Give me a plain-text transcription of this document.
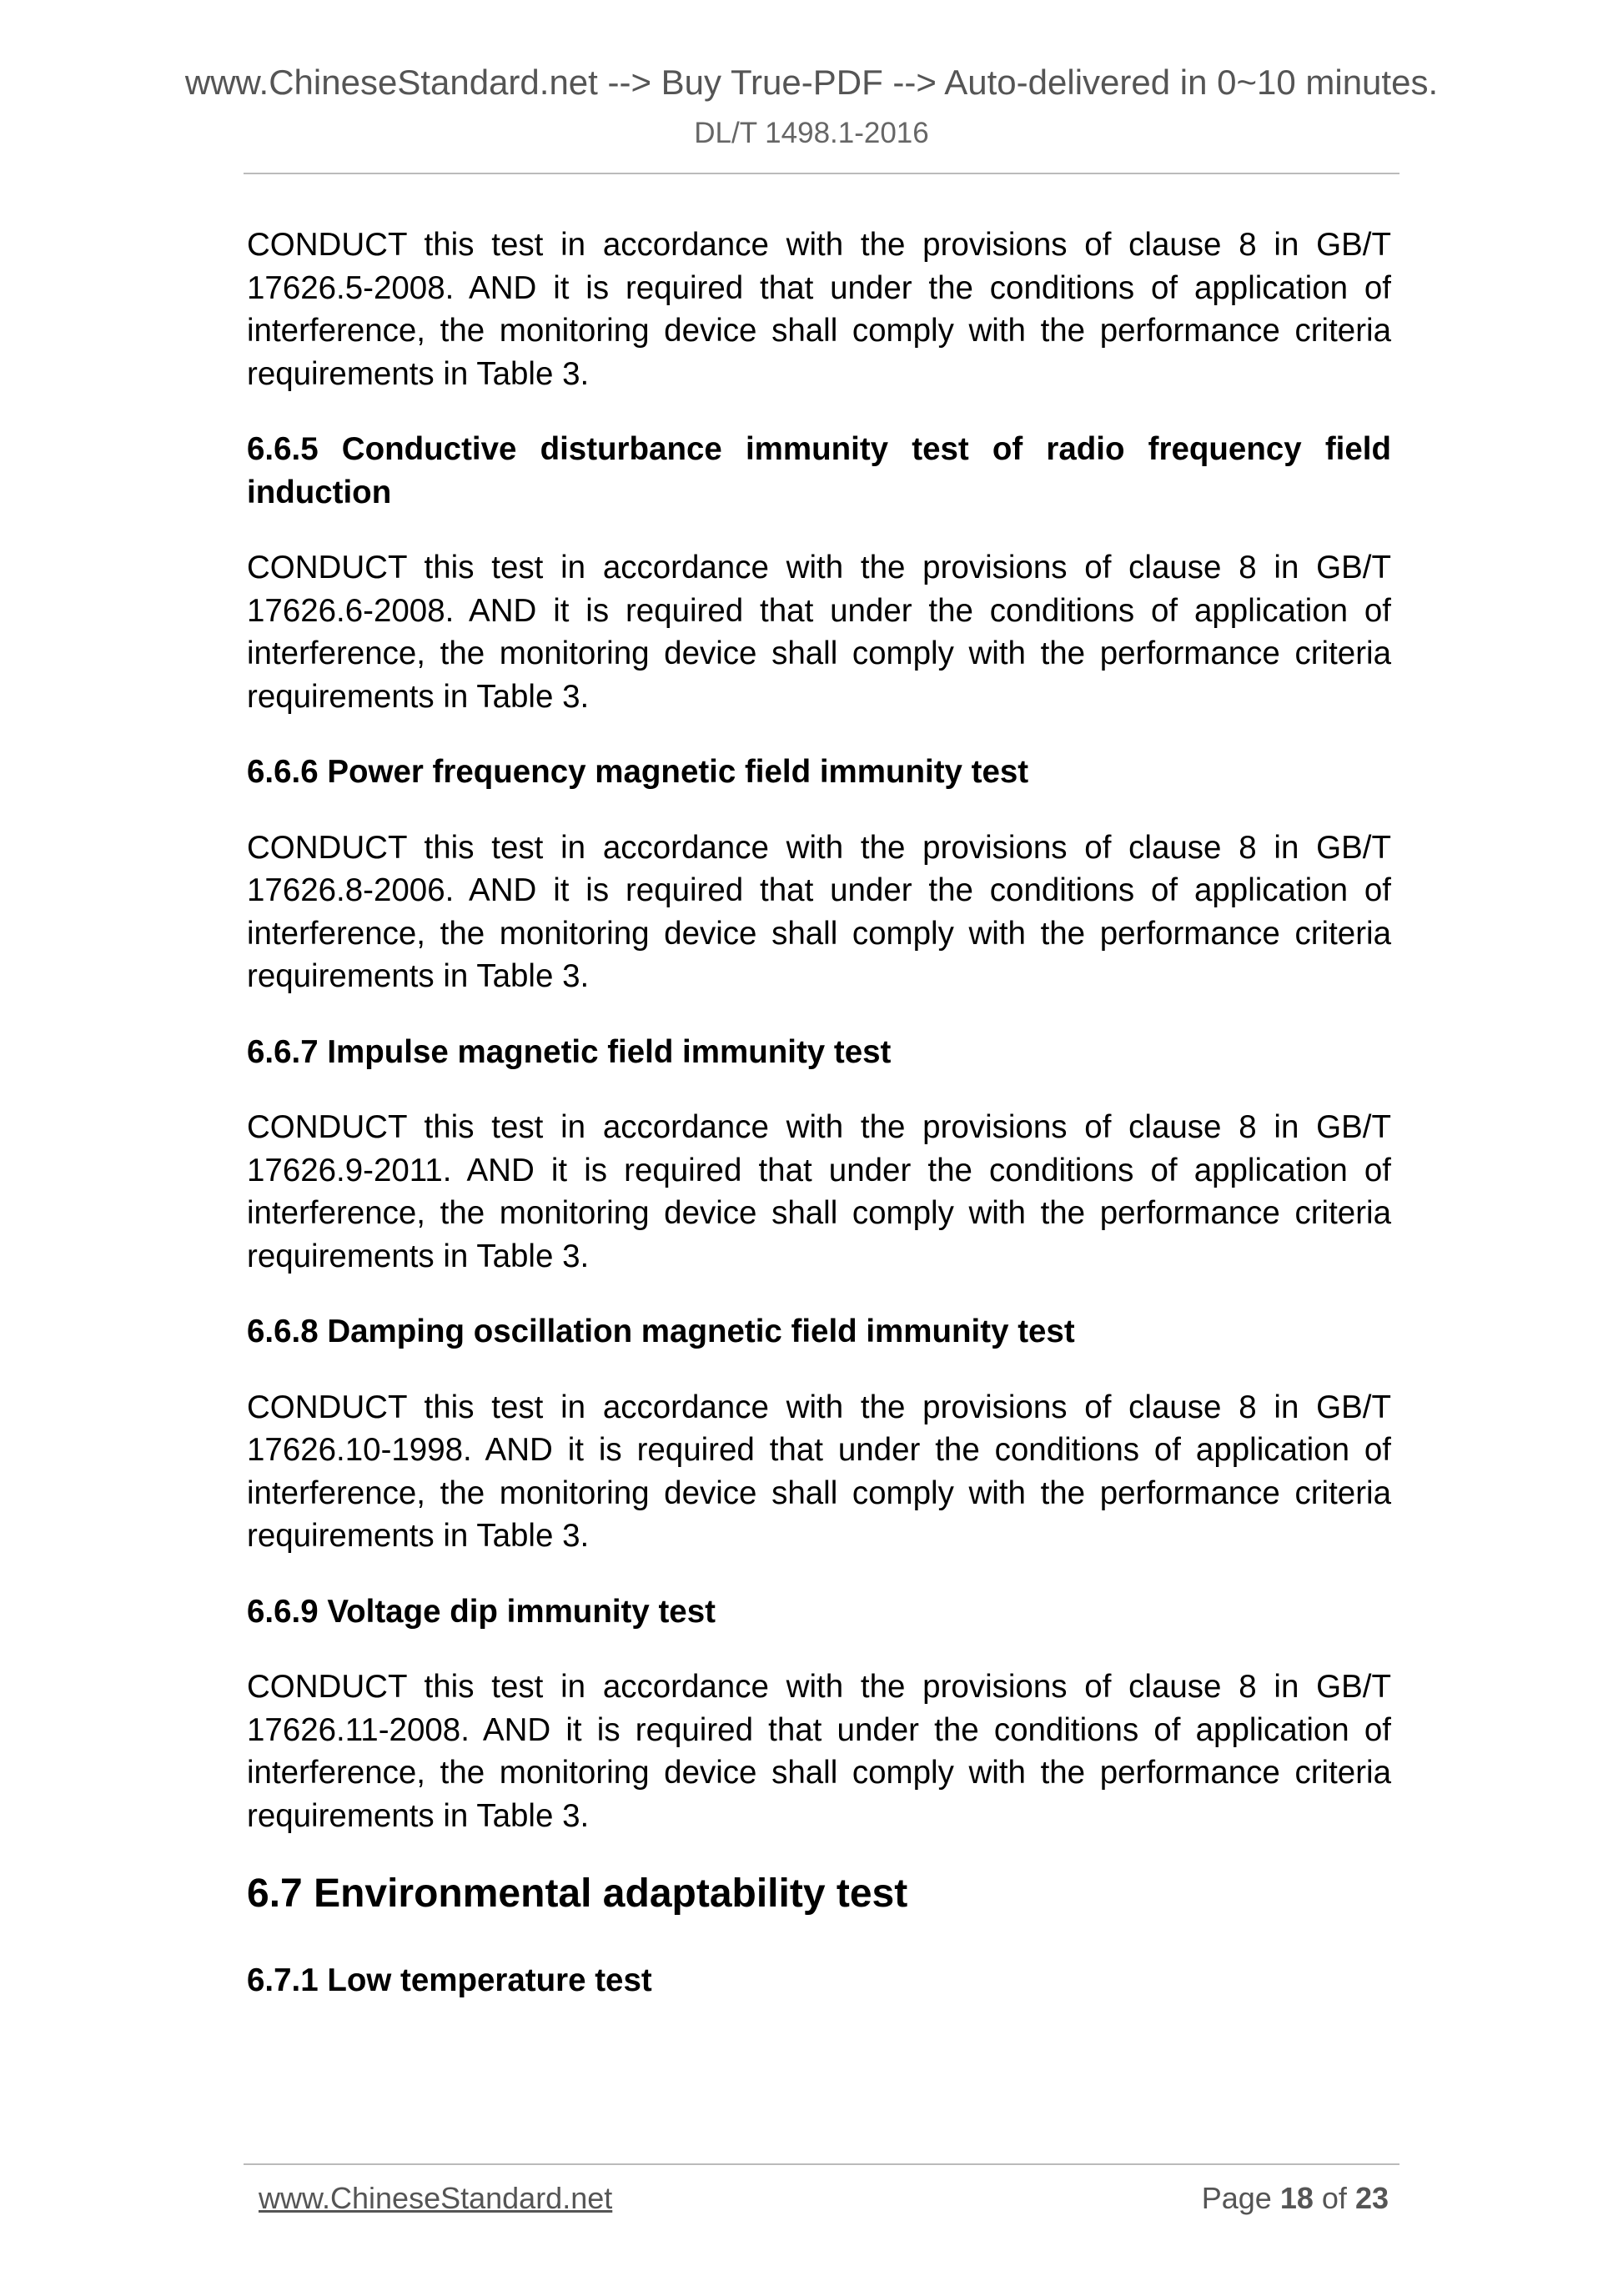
www.ChineseStandard.net --> Buy True-PDF --> Auto-delivered in 0~10 minutes.
DL/T 1498.1-2016

CONDUCT this test in accordance with the provisions of clause 8 in GB/T 17626.5-2008. AND it is required that under the conditions of application of interference, the monitoring device shall comply with the performance criteria requirements in Table 3.

6.6.5 Conductive disturbance immunity test of radio frequency field induction

CONDUCT this test in accordance with the provisions of clause 8 in GB/T 17626.6-2008. AND it is required that under the conditions of application of interference, the monitoring device shall comply with the performance criteria requirements in Table 3.

6.6.6 Power frequency magnetic field immunity test

CONDUCT this test in accordance with the provisions of clause 8 in GB/T 17626.8-2006. AND it is required that under the conditions of application of interference, the monitoring device shall comply with the performance criteria requirements in Table 3.

6.6.7 Impulse magnetic field immunity test

CONDUCT this test in accordance with the provisions of clause 8 in GB/T 17626.9-2011. AND it is required that under the conditions of application of interference, the monitoring device shall comply with the performance criteria requirements in Table 3.

6.6.8 Damping oscillation magnetic field immunity test

CONDUCT this test in accordance with the provisions of clause 8 in GB/T 17626.10-1998. AND it is required that under the conditions of application of interference, the monitoring device shall comply with the performance criteria requirements in Table 3.

6.6.9 Voltage dip immunity test

CONDUCT this test in accordance with the provisions of clause 8 in GB/T 17626.11-2008. AND it is required that under the conditions of application of interference, the monitoring device shall comply with the performance criteria requirements in Table 3.

6.7 Environmental adaptability test

6.7.1 Low temperature test

www.ChineseStandard.net	Page 18 of 23
